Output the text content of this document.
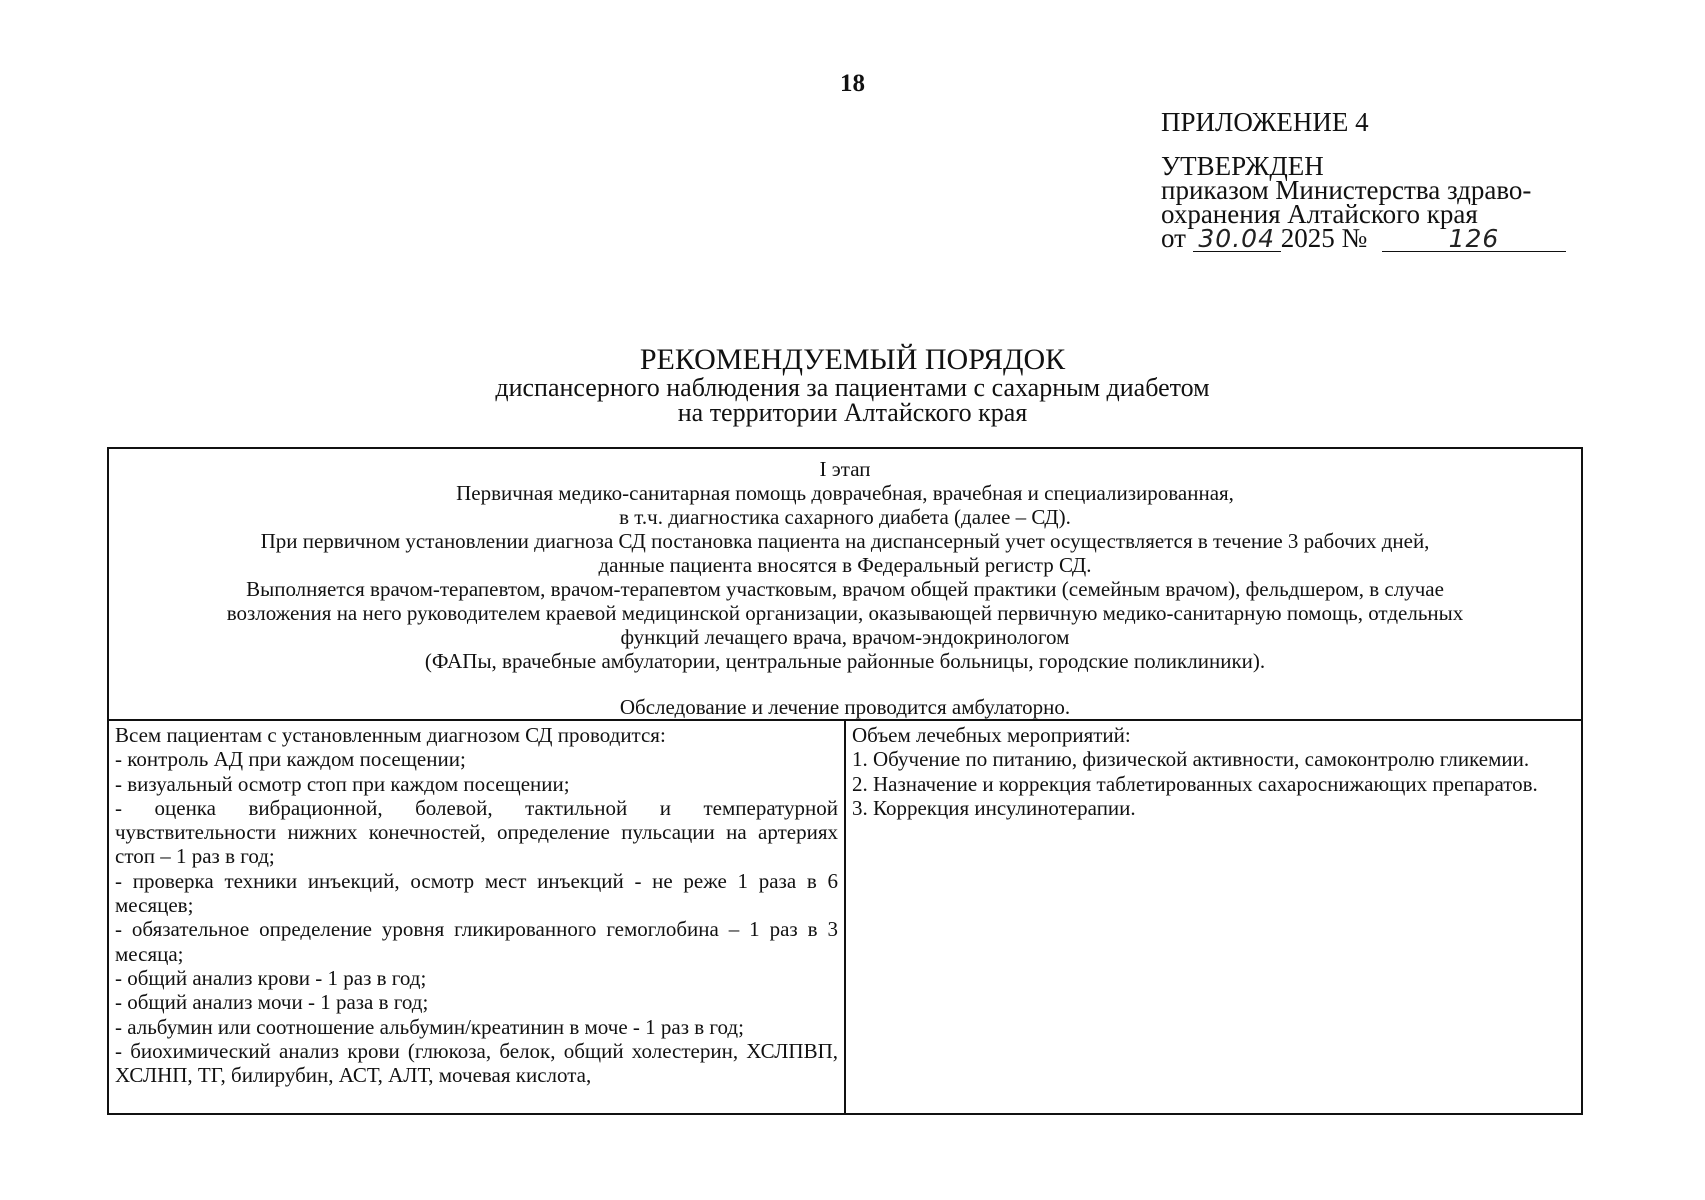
18
ПРИЛОЖЕНИЕ 4
УТВЕРЖДЕН
приказом Министерства здраво-
охранения Алтайского края
от 30.04 2025 №	126
РЕКОМЕНДУЕМЫЙ ПОРЯДОК
диспансерного наблюдения за пациентами с сахарным диабетом
на территории Алтайского края
I этап
Первичная медико-санитарная помощь доврачебная, врачебная и специализированная,
в т.ч. диагностика сахарного диабета (далее – СД).
При первичном установлении диагноза СД постановка пациента на диспансерный учет осуществляется в течение 3 рабочих дней,
данные пациента вносятся в Федеральный регистр СД.
Выполняется врачом-терапевтом, врачом-терапевтом участковым, врачом общей практики (семейным врачом), фельдшером, в случае
возложения на него руководителем краевой медицинской организации, оказывающей первичную медико-санитарную помощь, отдельных
функций лечащего врача, врачом-эндокринологом
(ФАПы, врачебные амбулатории, центральные районные больницы, городские поликлиники).
Обследование и лечение проводится амбулаторно.
Всем пациентам с установленным диагнозом СД проводится:
- контроль АД при каждом посещении;
- визуальный осмотр стоп при каждом посещении;
- оценка вибрационной, болевой, тактильной и температурной чувствительности нижних конечностей, определение пульсации на артериях стоп – 1 раз в год;
- проверка техники инъекций, осмотр мест инъекций - не реже 1 раза в 6 месяцев;
- обязательное определение уровня гликированного гемоглобина – 1 раз в 3 месяца;
- общий анализ крови - 1 раз в год;
- общий анализ мочи - 1 раза в год;
- альбумин или соотношение альбумин/креатинин в моче - 1 раз в год;
- биохимический анализ крови (глюкоза, белок, общий холестерин, ХСЛПВП, ХСЛНП, ТГ, билирубин, АСТ, АЛТ, мочевая кислота,
Объем лечебных мероприятий:
1. Обучение по питанию, физической активности, самоконтролю гликемии.
2. Назначение и коррекция таблетированных сахароснижающих препаратов.
3. Коррекция инсулинотерапии.
